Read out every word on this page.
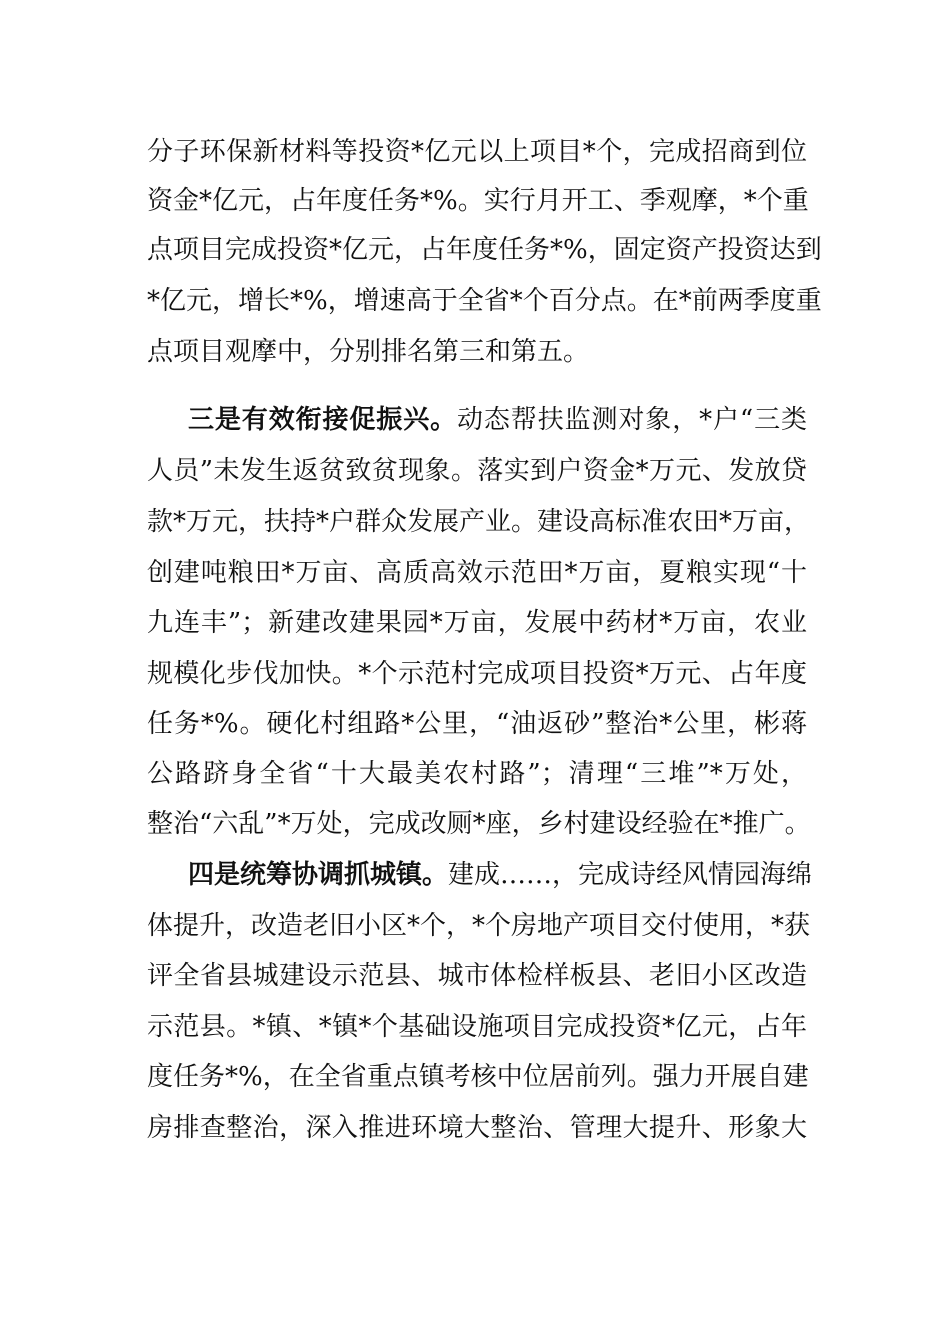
分子环保新材料等投资*亿元以上项目*个，完成招商到位
资金*亿元，占年度任务*%。实行月开工、季观摩，*个重
点项目完成投资*亿元，占年度任务*%，固定资产投资达到
*亿元，增长*%，增速高于全省*个百分点。在*前两季度重
点项目观摩中，分别排名第三和第五。
三是有效衔接促振兴。动态帮扶监测对象，*户“三类
人员”未发生返贫致贫现象。落实到户资金*万元、发放贷
款*万元，扶持*户群众发展产业。建设高标准农田*万亩，
创建吨粮田*万亩、高质高效示范田*万亩，夏粮实现“十
九连丰”；新建改建果园*万亩，发展中药材*万亩，农业
规模化步伐加快。*个示范村完成项目投资*万元、占年度
任务*%。硬化村组路*公里，“油返砂”整治*公里，彬蒋
公路跻身全省“十大最美农村路”；清理“三堆”*万处，
整治“六乱”*万处，完成改厕*座，乡村建设经验在*推广。
四是统筹协调抓城镇。建成……，完成诗经风情园海绵
体提升，改造老旧小区*个，*个房地产项目交付使用，*获
评全省县城建设示范县、城市体检样板县、老旧小区改造
示范县。*镇、*镇*个基础设施项目完成投资*亿元，占年
度任务*%，在全省重点镇考核中位居前列。强力开展自建
房排查整治，深入推进环境大整治、管理大提升、形象大
